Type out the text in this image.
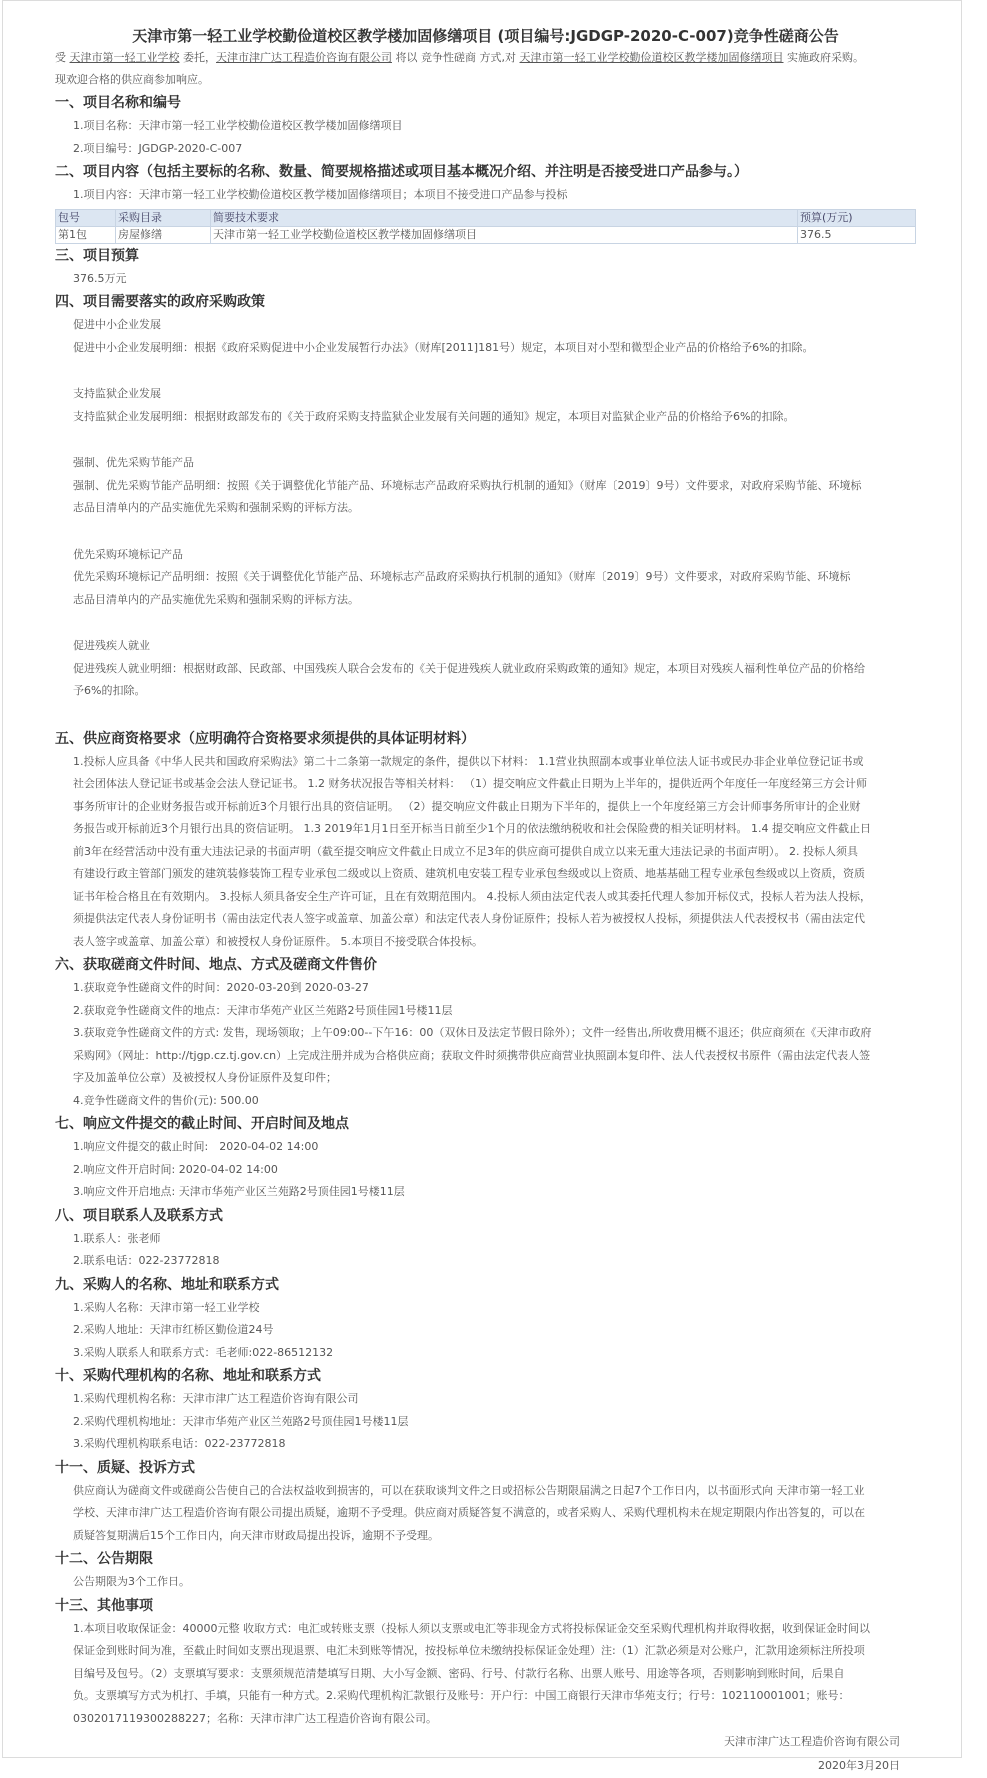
天津市第一轻工业学校勤俭道校区教学楼加固修缮项目 (项目编号:JGDGP-2020-C-007)竞争性磋商公告

受 天津市第一轻工业学校 委托，天津市津广达工程造价咨询有限公司 将以 竞争性磋商 方式,对 天津市第一轻工业学校勤俭道校区教学楼加固修缮项目 实施政府采购。

现欢迎合格的供应商参加响应。

一、项目名称和编号

1.项目名称：天津市第一轻工业学校勤俭道校区教学楼加固修缮项目

2.项目编号：JGDGP-2020-C-007

二、项目内容（包括主要标的名称、数量、简要规格描述或项目基本概况介绍、并注明是否接受进口产品参与。）

1.项目内容：天津市第一轻工业学校勤俭道校区教学楼加固修缮项目；本项目不接受进口产品参与投标

包号	采购目录	简要技术要求	预算(万元)
第1包	房屋修缮	天津市第一轻工业学校勤俭道校区教学楼加固修缮项目	376.5
三、项目预算

376.5万元

四、项目需要落实的政府采购政策

促进中小企业发展

促进中小企业发展明细：根据《政府采购促进中小企业发展暂行办法》（财库[2011]181号）规定，本项目对小型和微型企业产品的价格给予6%的扣除。

支持监狱企业发展

支持监狱企业发展明细：根据财政部发布的《关于政府采购支持监狱企业发展有关问题的通知》规定，本项目对监狱企业产品的价格给予6%的扣除。

强制、优先采购节能产品

强制、优先采购节能产品明细：按照《关于调整优化节能产品、环境标志产品政府采购执行机制的通知》（财库〔2019〕9号）文件要求，对政府采购节能、环境标

志品目清单内的产品实施优先采购和强制采购的评标方法。

优先采购环境标记产品

优先采购环境标记产品明细：按照《关于调整优化节能产品、环境标志产品政府采购执行机制的通知》（财库〔2019〕9号）文件要求，对政府采购节能、环境标

志品目清单内的产品实施优先采购和强制采购的评标方法。

促进残疾人就业

促进残疾人就业明细：根据财政部、民政部、中国残疾人联合会发布的《关于促进残疾人就业政府采购政策的通知》规定，本项目对残疾人福利性单位产品的价格给

予6%的扣除。

五、供应商资格要求（应明确符合资格要求须提供的具体证明材料）

1.投标人应具备《中华人民共和国政府采购法》第二十二条第一款规定的条件，提供以下材料： 1.1营业执照副本或事业单位法人证书或民办非企业单位登记证书或

社会团体法人登记证书或基金会法人登记证书。 1.2 财务状况报告等相关材料： （1）提交响应文件截止日期为上半年的，提供近两个年度任一年度经第三方会计师

事务所审计的企业财务报告或开标前近3个月银行出具的资信证明。 （2）提交响应文件截止日期为下半年的，提供上一个年度经第三方会计师事务所审计的企业财

务报告或开标前近3个月银行出具的资信证明。 1.3 2019年1月1日至开标当日前至少1个月的依法缴纳税收和社会保险费的相关证明材料。 1.4 提交响应文件截止日

前3年在经营活动中没有重大违法记录的书面声明（截至提交响应文件截止日成立不足3年的供应商可提供自成立以来无重大违法记录的书面声明）。 2. 投标人须具

有建设行政主管部门颁发的建筑装修装饰工程专业承包二级或以上资质、建筑机电安装工程专业承包叁级或以上资质、地基基础工程专业承包叁级或以上资质，资质

证书年检合格且在有效期内。 3.投标人须具备安全生产许可证，且在有效期范围内。 4.投标人须由法定代表人或其委托代理人参加开标仪式，投标人若为法人投标，

须提供法定代表人身份证明书（需由法定代表人签字或盖章、加盖公章）和法定代表人身份证原件；投标人若为被授权人投标，须提供法人代表授权书（需由法定代

表人签字或盖章、加盖公章）和被授权人身份证原件。 5.本项目不接受联合体投标。

六、获取磋商文件时间、地点、方式及磋商文件售价

1.获取竞争性磋商文件的时间：2020-03-20到 2020-03-27

2.获取竞争性磋商文件的地点：天津市华苑产业区兰苑路2号顶佳园1号楼11层

3.获取竞争性磋商文件的方式: 发售，现场领取；上午09:00--下午16：00（双休日及法定节假日除外）；文件一经售出,所收费用概不退还；供应商须在《天津市政府

采购网》（网址：http://tjgp.cz.tj.gov.cn）上完成注册并成为合格供应商；获取文件时须携带供应商营业执照副本复印件、法人代表授权书原件（需由法定代表人签

字及加盖单位公章）及被授权人身份证原件及复印件；

4.竞争性磋商文件的售价(元): 500.00

七、响应文件提交的截止时间、开启时间及地点

1.响应文件提交的截止时间:　2020-04-02 14:00

2.响应文件开启时间: 2020-04-02 14:00

3.响应文件开启地点: 天津市华苑产业区兰苑路2号顶佳园1号楼11层

八、项目联系人及联系方式

1.联系人：张老师

2.联系电话：022-23772818

九、采购人的名称、地址和联系方式

1.采购人名称：天津市第一轻工业学校

2.采购人地址：天津市红桥区勤俭道24号

3.采购人联系人和联系方式：毛老师:022-86512132

十、采购代理机构的名称、地址和联系方式

1.采购代理机构名称：天津市津广达工程造价咨询有限公司

2.采购代理机构地址：天津市华苑产业区兰苑路2号顶佳园1号楼11层

3.采购代理机构联系电话：022-23772818

十一、质疑、投诉方式

供应商认为磋商文件或磋商公告使自己的合法权益收到损害的，可以在获取谈判文件之日或招标公告期限届满之日起7个工作日内，以书面形式向 天津市第一轻工业

学校、天津市津广达工程造价咨询有限公司提出质疑，逾期不予受理。供应商对质疑答复不满意的，或者采购人、采购代理机构未在规定期限内作出答复的，可以在

质疑答复期满后15个工作日内，向天津市财政局提出投诉，逾期不予受理。

十二、公告期限

公告期限为3个工作日。

十三、其他事项

1.本项目收取保证金：40000元整 收取方式：电汇或转账支票（投标人须以支票或电汇等非现金方式将投标保证金交至采购代理机构并取得收据，收到保证金时间以

保证金到账时间为准，至截止时间如支票出现退票、电汇未到账等情况，按投标单位未缴纳投标保证金处理）注:（1）汇款必须是对公账户，汇款用途须标注所投项

目编号及包号。（2）支票填写要求：支票须规范清楚填写日期、大小写金额、密码、行号、付款行名称、出票人账号、用途等各项，否则影响到账时间，后果自

负。支票填写方式为机打、手填，只能有一种方式。2.采购代理机构汇款银行及账号：开户行：中国工商银行天津市华苑支行；行号：102110001001；账号：

0302017119300288227；名称：天津市津广达工程造价咨询有限公司。

天津市津广达工程造价咨询有限公司

2020年3月20日
